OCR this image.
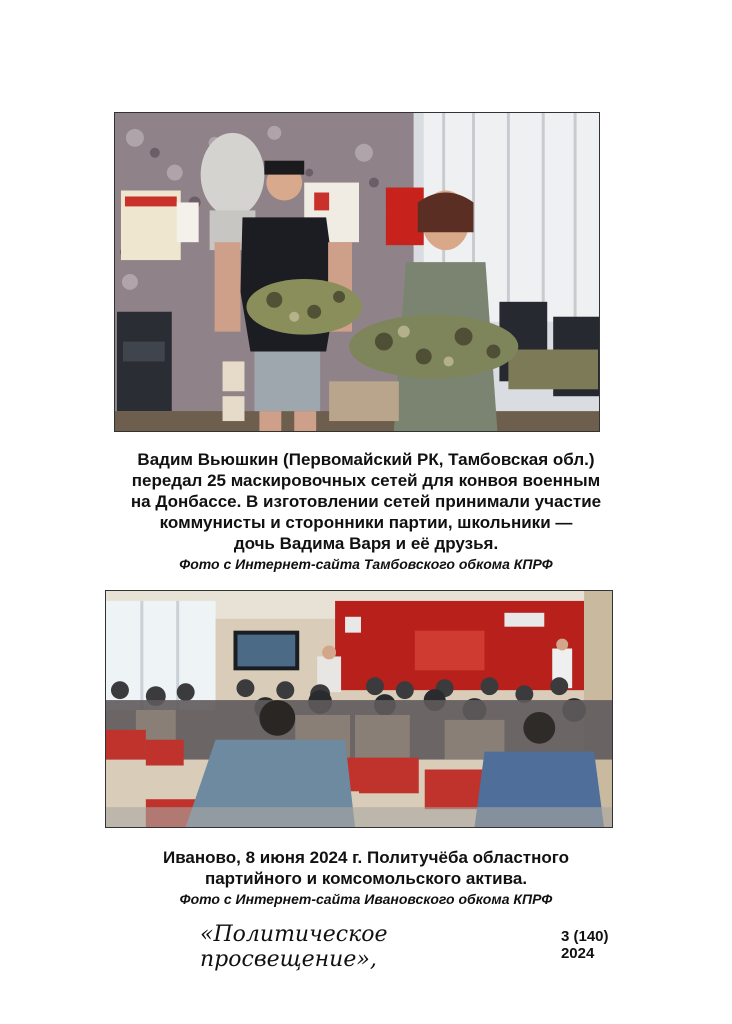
Вадим Вьюшкин (Первомайский РК, Тамбовская обл.)
передал 25 маскировочных сетей для конвоя военным
на Донбассе. В изготовлении сетей принимали участие
коммунисты и сторонники партии, школьники —
дочь Вадима Варя и её друзья.
Фото с Интернет-сайта Тамбовского обкома КПРФ
Иваново, 8 июня 2024 г. Политучёба областного
партийного и комсомольского актива.
Фото с Интернет-сайта Ивановского обкома КПРФ
«Политическое просвещение»,
3 (140) 2024
